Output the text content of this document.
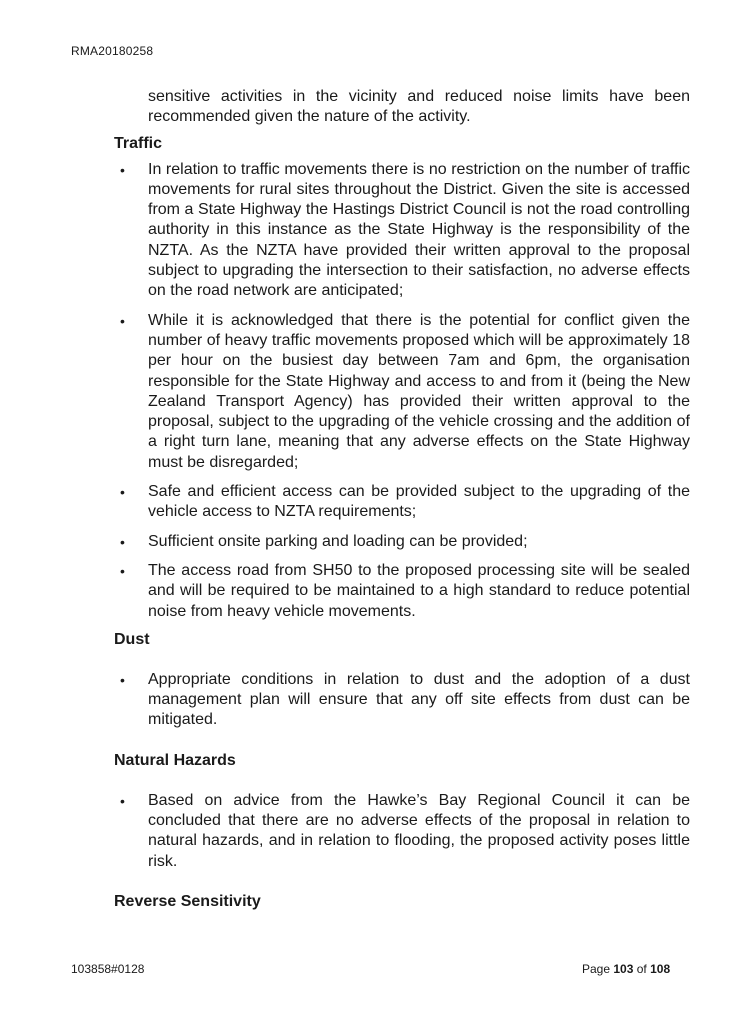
RMA20180258

sensitive activities in the vicinity and reduced noise limits have been recommended given the nature of the activity.

Traffic
• In relation to traffic movements there is no restriction on the number of traffic movements for rural sites throughout the District. Given the site is accessed from a State Highway the Hastings District Council is not the road controlling authority in this instance as the State Highway is the responsibility of the NZTA. As the NZTA have provided their written approval to the proposal subject to upgrading the intersection to their satisfaction, no adverse effects on the road network are anticipated;
• While it is acknowledged that there is the potential for conflict given the number of heavy traffic movements proposed which will be approximately 18 per hour on the busiest day between 7am and 6pm, the organisation responsible for the State Highway and access to and from it (being the New Zealand Transport Agency) has provided their written approval to the proposal, subject to the upgrading of the vehicle crossing and the addition of a right turn lane, meaning that any adverse effects on the State Highway must be disregarded;
• Safe and efficient access can be provided subject to the upgrading of the vehicle access to NZTA requirements;
• Sufficient onsite parking and loading can be provided;
• The access road from SH50 to the proposed processing site will be sealed and will be required to be maintained to a high standard to reduce potential noise from heavy vehicle movements.
Dust
• Appropriate conditions in relation to dust and the adoption of a dust management plan will ensure that any off site effects from dust can be mitigated.
Natural Hazards
• Based on advice from the Hawke’s Bay Regional Council it can be concluded that there are no adverse effects of the proposal in relation to natural hazards, and in relation to flooding, the proposed activity poses little risk.
Reverse Sensitivity
103858#0128	Page 103 of 108
